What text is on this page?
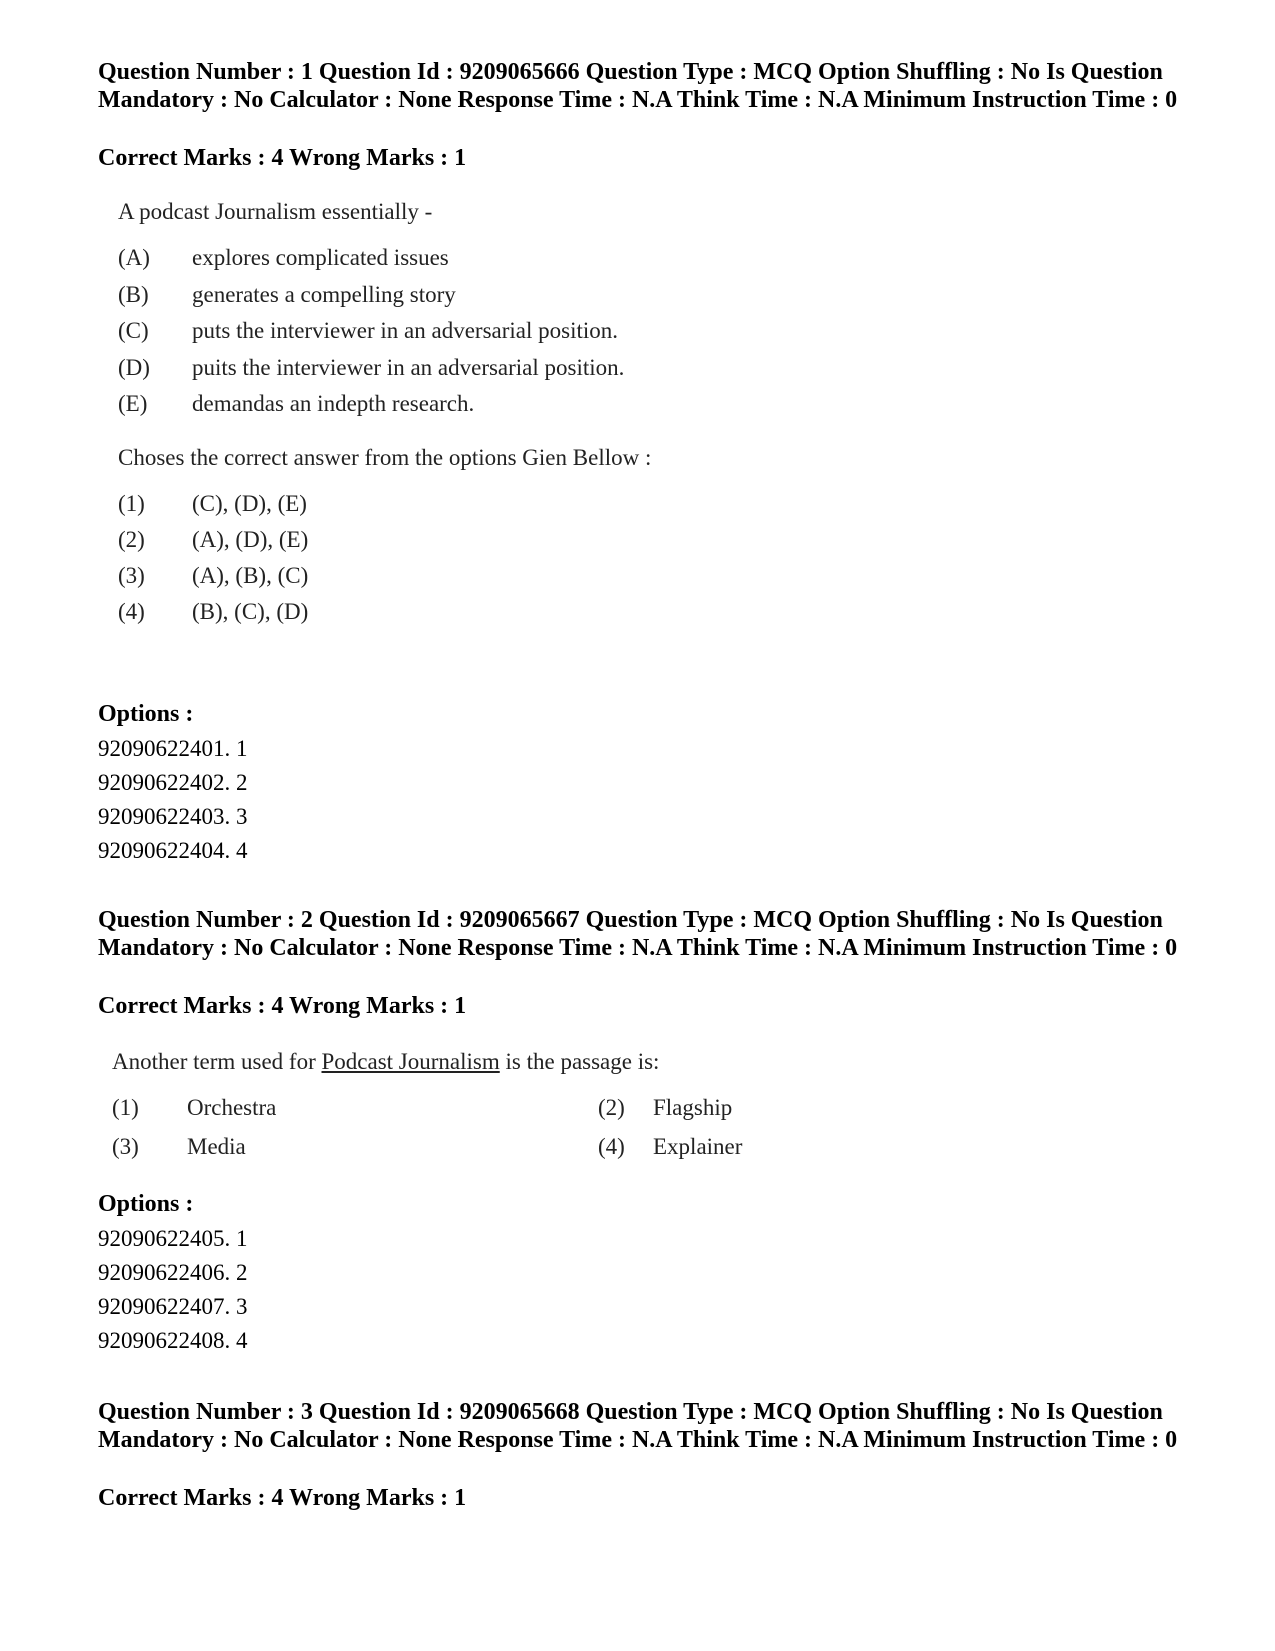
Question Number : 1 Question Id : 9209065666 Question Type : MCQ Option Shuffling : No Is Question Mandatory : No Calculator : None Response Time : N.A Think Time : N.A Minimum Instruction Time : 0

Correct Marks : 4 Wrong Marks : 1

A podcast Journalism essentially -
(A) explores complicated issues
(B) generates a compelling story
(C) puts the interviewer in an adversarial position.
(D) puits the interviewer in an adversarial position.
(E) demandas an indepth research.
Choses the correct answer from the options Gien Bellow :
(1) (C), (D), (E)
(2) (A), (D), (E)
(3) (A), (B), (C)
(4) (B), (C), (D)
Options :
92090622401. 1
92090622402. 2
92090622403. 3
92090622404. 4

Question Number : 2 Question Id : 9209065667 Question Type : MCQ Option Shuffling : No Is Question Mandatory : No Calculator : None Response Time : N.A Think Time : N.A Minimum Instruction Time : 0

Correct Marks : 4 Wrong Marks : 1

Another term used for Podcast Journalism is the passage is:
(1) Orchestra	(2) Flagship
(3) Media	(4) Explainer
Options :
92090622405. 1
92090622406. 2
92090622407. 3
92090622408. 4

Question Number : 3 Question Id : 9209065668 Question Type : MCQ Option Shuffling : No Is Question Mandatory : No Calculator : None Response Time : N.A Think Time : N.A Minimum Instruction Time : 0

Correct Marks : 4 Wrong Marks : 1
